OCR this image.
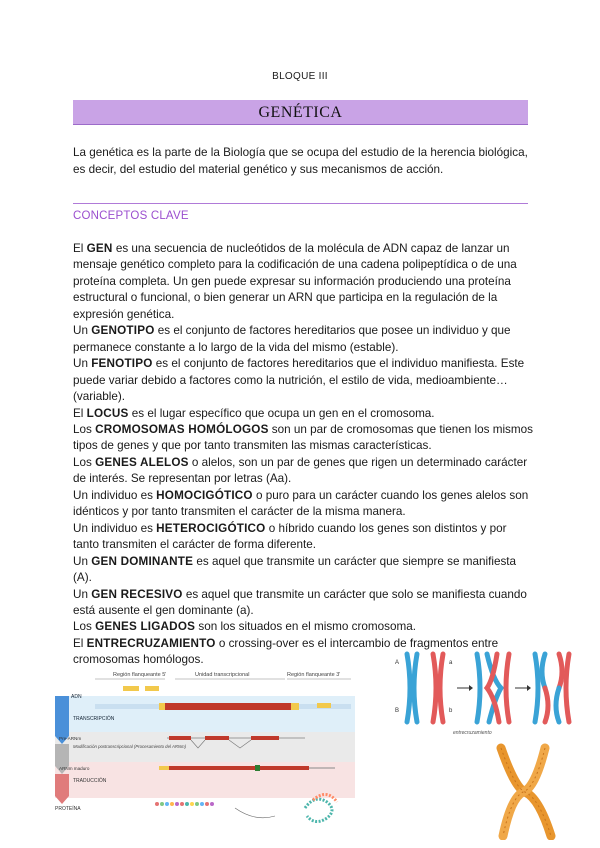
BLOQUE III
GENÉTICA

La genética es la parte de la Biología que se ocupa del estudio de la herencia biológica, es decir, del estudio del material genético y sus mecanismos de acción.

CONCEPTOS CLAVE

El GEN es una secuencia de nucleótidos de la molécula de ADN capaz de lanzar un mensaje genético completo para la codificación de una cadena polipeptídica o de una proteína completa. Un gen puede expresar su información produciendo una proteína estructural o funcional, o bien generar un ARN que participa en la regulación de la expresión genética.

Un GENOTIPO es el conjunto de factores hereditarios que posee un individuo y que permanece constante a lo largo de la vida del mismo (estable).

Un FENOTIPO es el conjunto de factores hereditarios que el individuo manifiesta. Este puede variar debido a factores como la nutrición, el estilo de vida, medioambiente… (variable).

El LOCUS es el lugar específico que ocupa un gen en el cromosoma.

Los CROMOSOMAS HOMÓLOGOS son un par de cromosomas que tienen los mismos tipos de genes y que por tanto transmiten las mismas características.

Los GENES ALELOS o alelos, son un par de genes que rigen un determinado carácter de interés. Se representan por letras (Aa).

Un individuo es HOMOCIGÓTICO o puro para un carácter cuando los genes alelos son idénticos y por tanto transmiten el carácter de la misma manera.

Un individuo es HETEROCIGÓTICO o híbrido cuando los genes son distintos y por tanto transmiten el carácter de forma diferente.

Un GEN DOMINANTE es aquel que transmite un carácter que siempre se manifiesta (A).

Un GEN RECESIVO es aquel que transmite un carácter que solo se manifiesta cuando está ausente el gen dominante (a).

Los GENES LIGADOS son los situados en el mismo cromosoma.

El ENTRECRUZAMIENTO o crossing-over es el intercambio de fragmentos entre cromosomas homólogos.

Región flanqueante 5'	Unidad transcripcional	Región flanqueante 3'
ADN
TRANSCRIPCIÓN
Pre-ARNm
Modificación postranscripcional (Procesamiento del ARNm)
ARNm maduro
TRADUCCIÓN
PROTEÍNA
A	a
B	b
entrecruzamiento
